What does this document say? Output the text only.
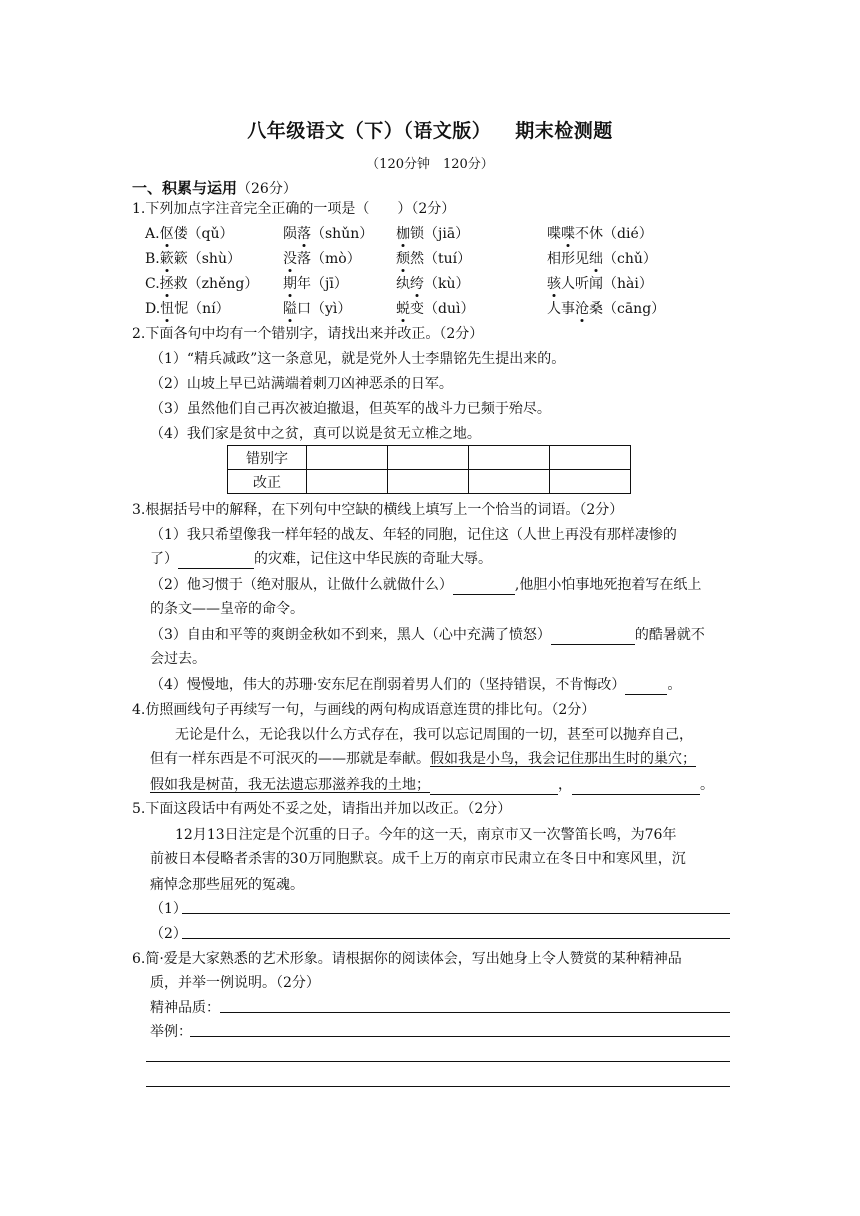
八年级语文（下）（语文版） 期末检测题
（120分钟　120分）
一、积累与运用（26分）
1.下列加点字注音完全正确的一项是（　　）（2分）
A.伛偻（qǔ）	陨落（shǔn） 枷锁（jiā）	喋喋不休（dié）
B.簌簌（shù）	没落（mò）	颓然（tuí）	相形见绌（chǔ）
C.拯救（zhěng） 期年（jī）	纨绔（kù）	骇人听闻（hài）
D.忸怩（ní）	隘口（yì）	蜕变（duì）	人事沧桑（cāng）
2.下面各句中均有一个错别字，请找出来并改正。（2分）
（1）“精兵减政”这一条意见，就是党外人士李鼎铭先生提出来的。
（2）山坡上早已站满端着刺刀凶神恶杀的日军。
（3）虽然他们自己再次被迫撤退，但英军的战斗力已频于殆尽。
（4）我们家是贫中之贫，真可以说是贫无立椎之地。
错别字				
改正				
3.根据括号中的解释，在下列句中空缺的横线上填写上一个恰当的词语。（2分）
（1）我只希望像我一样年轻的战友、年轻的同胞，记住这（人世上再没有那样凄惨的
了）	的灾难，记住这中华民族的奇耻大辱。
（2）他习惯于（绝对服从，让做什么就做什么）	,他胆小怕事地死抱着写在纸上
的条文——皇帝的命令。
（3）自由和平等的爽朗金秋如不到来，黑人（心中充满了愤怒）	的酷暑就不
会过去。
（4）慢慢地，伟大的苏珊·安东尼在削弱着男人们的（坚持错误，不肯悔改）	。
4.仿照画线句子再续写一句，与画线的两句构成语意连贯的排比句。（2分）
无论是什么，无论我以什么方式存在，我可以忘记周围的一切，甚至可以抛弃自己，
但有一样东西是不可泯灭的——那就是奉献。假如我是小鸟，我会记住那出生时的巢穴；
假如我是树苗，我无法遗忘那滋养我的土地；	，	。
5.下面这段话中有两处不妥之处，请指出并加以改正。（2分）
12月13日注定是个沉重的日子。今年的这一天，南京市又一次警笛长鸣，为76年
前被日本侵略者杀害的30万同胞默哀。成千上万的南京市民肃立在冬日中和寒风里，沉
痛悼念那些屈死的冤魂。
（1）
（2）
6.简·爱是大家熟悉的艺术形象。请根据你的阅读体会，写出她身上令人赞赏的某种精神品
质，并举一例说明。（2分）
精神品质：
举例：
